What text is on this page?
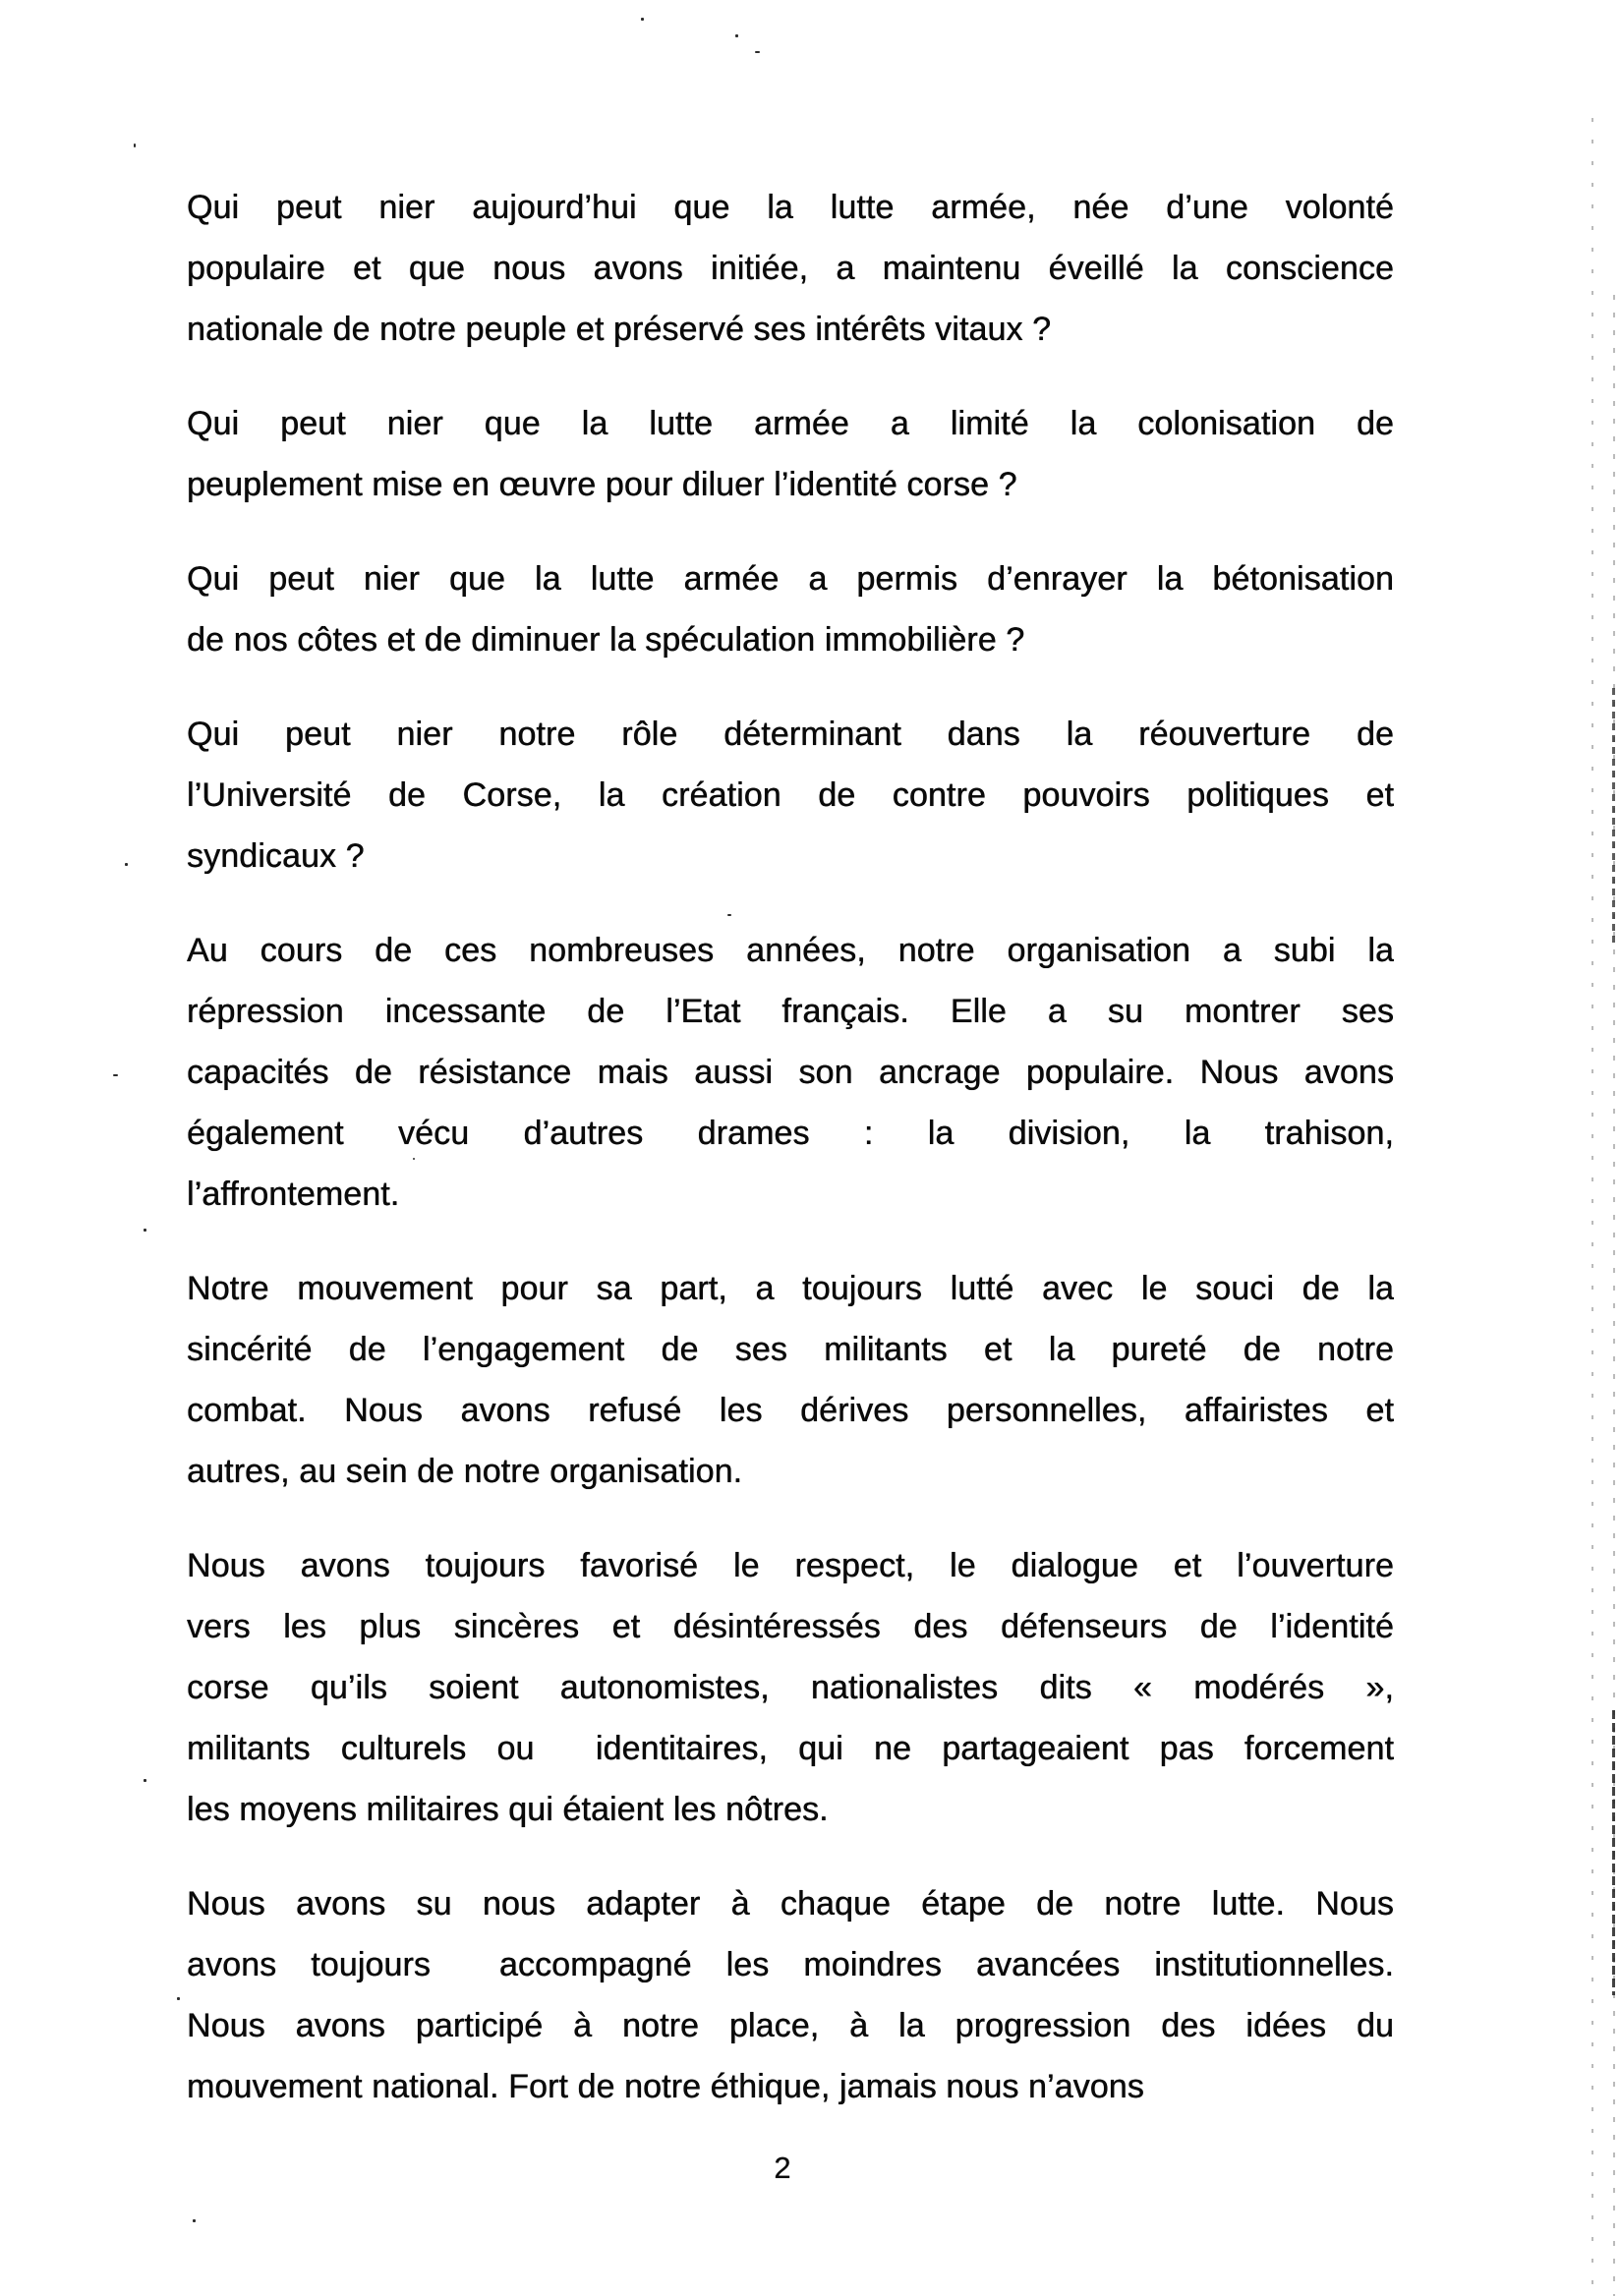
Qui peut nier aujourd’hui que la lutte armée, née d’une volonté
populaire et que nous avons initiée, a maintenu éveillé la conscience
nationale de notre peuple et préservé ses intérêts vitaux ?
Qui peut nier que la lutte armée a limité la colonisation de
peuplement mise en œuvre pour diluer l’identité corse ?
Qui peut nier que la lutte armée a permis d’enrayer la bétonisation
de nos côtes et de diminuer la spéculation immobilière ?
Qui peut nier notre rôle déterminant dans la réouverture de
l’Université de Corse, la création de contre pouvoirs politiques et
syndicaux ?
Au cours de ces nombreuses années, notre organisation a subi la
répression incessante de l’Etat français. Elle a su montrer ses
capacités de résistance mais aussi son ancrage populaire. Nous avons
également vécu d’autres drames : la division, la trahison,
l’affrontement.
Notre mouvement pour sa part, a toujours lutté avec le souci de la
sincérité de l’engagement de ses militants et la pureté de notre
combat. Nous avons refusé les dérives personnelles, affairistes et
autres, au sein de notre organisation.
Nous avons toujours favorisé le respect, le dialogue et l’ouverture
vers les plus sincères et désintéressés des défenseurs de l’identité
corse qu’ils soient autonomistes, nationalistes dits « modérés »,
militants culturels ou  identitaires, qui ne partageaient pas forcement
les moyens militaires qui étaient les nôtres.
Nous avons su nous adapter à chaque étape de notre lutte. Nous
avons toujours  accompagné les moindres avancées institutionnelles.
Nous avons participé à notre place, à la progression des idées du
mouvement national. Fort de notre éthique, jamais nous n’avons
2
